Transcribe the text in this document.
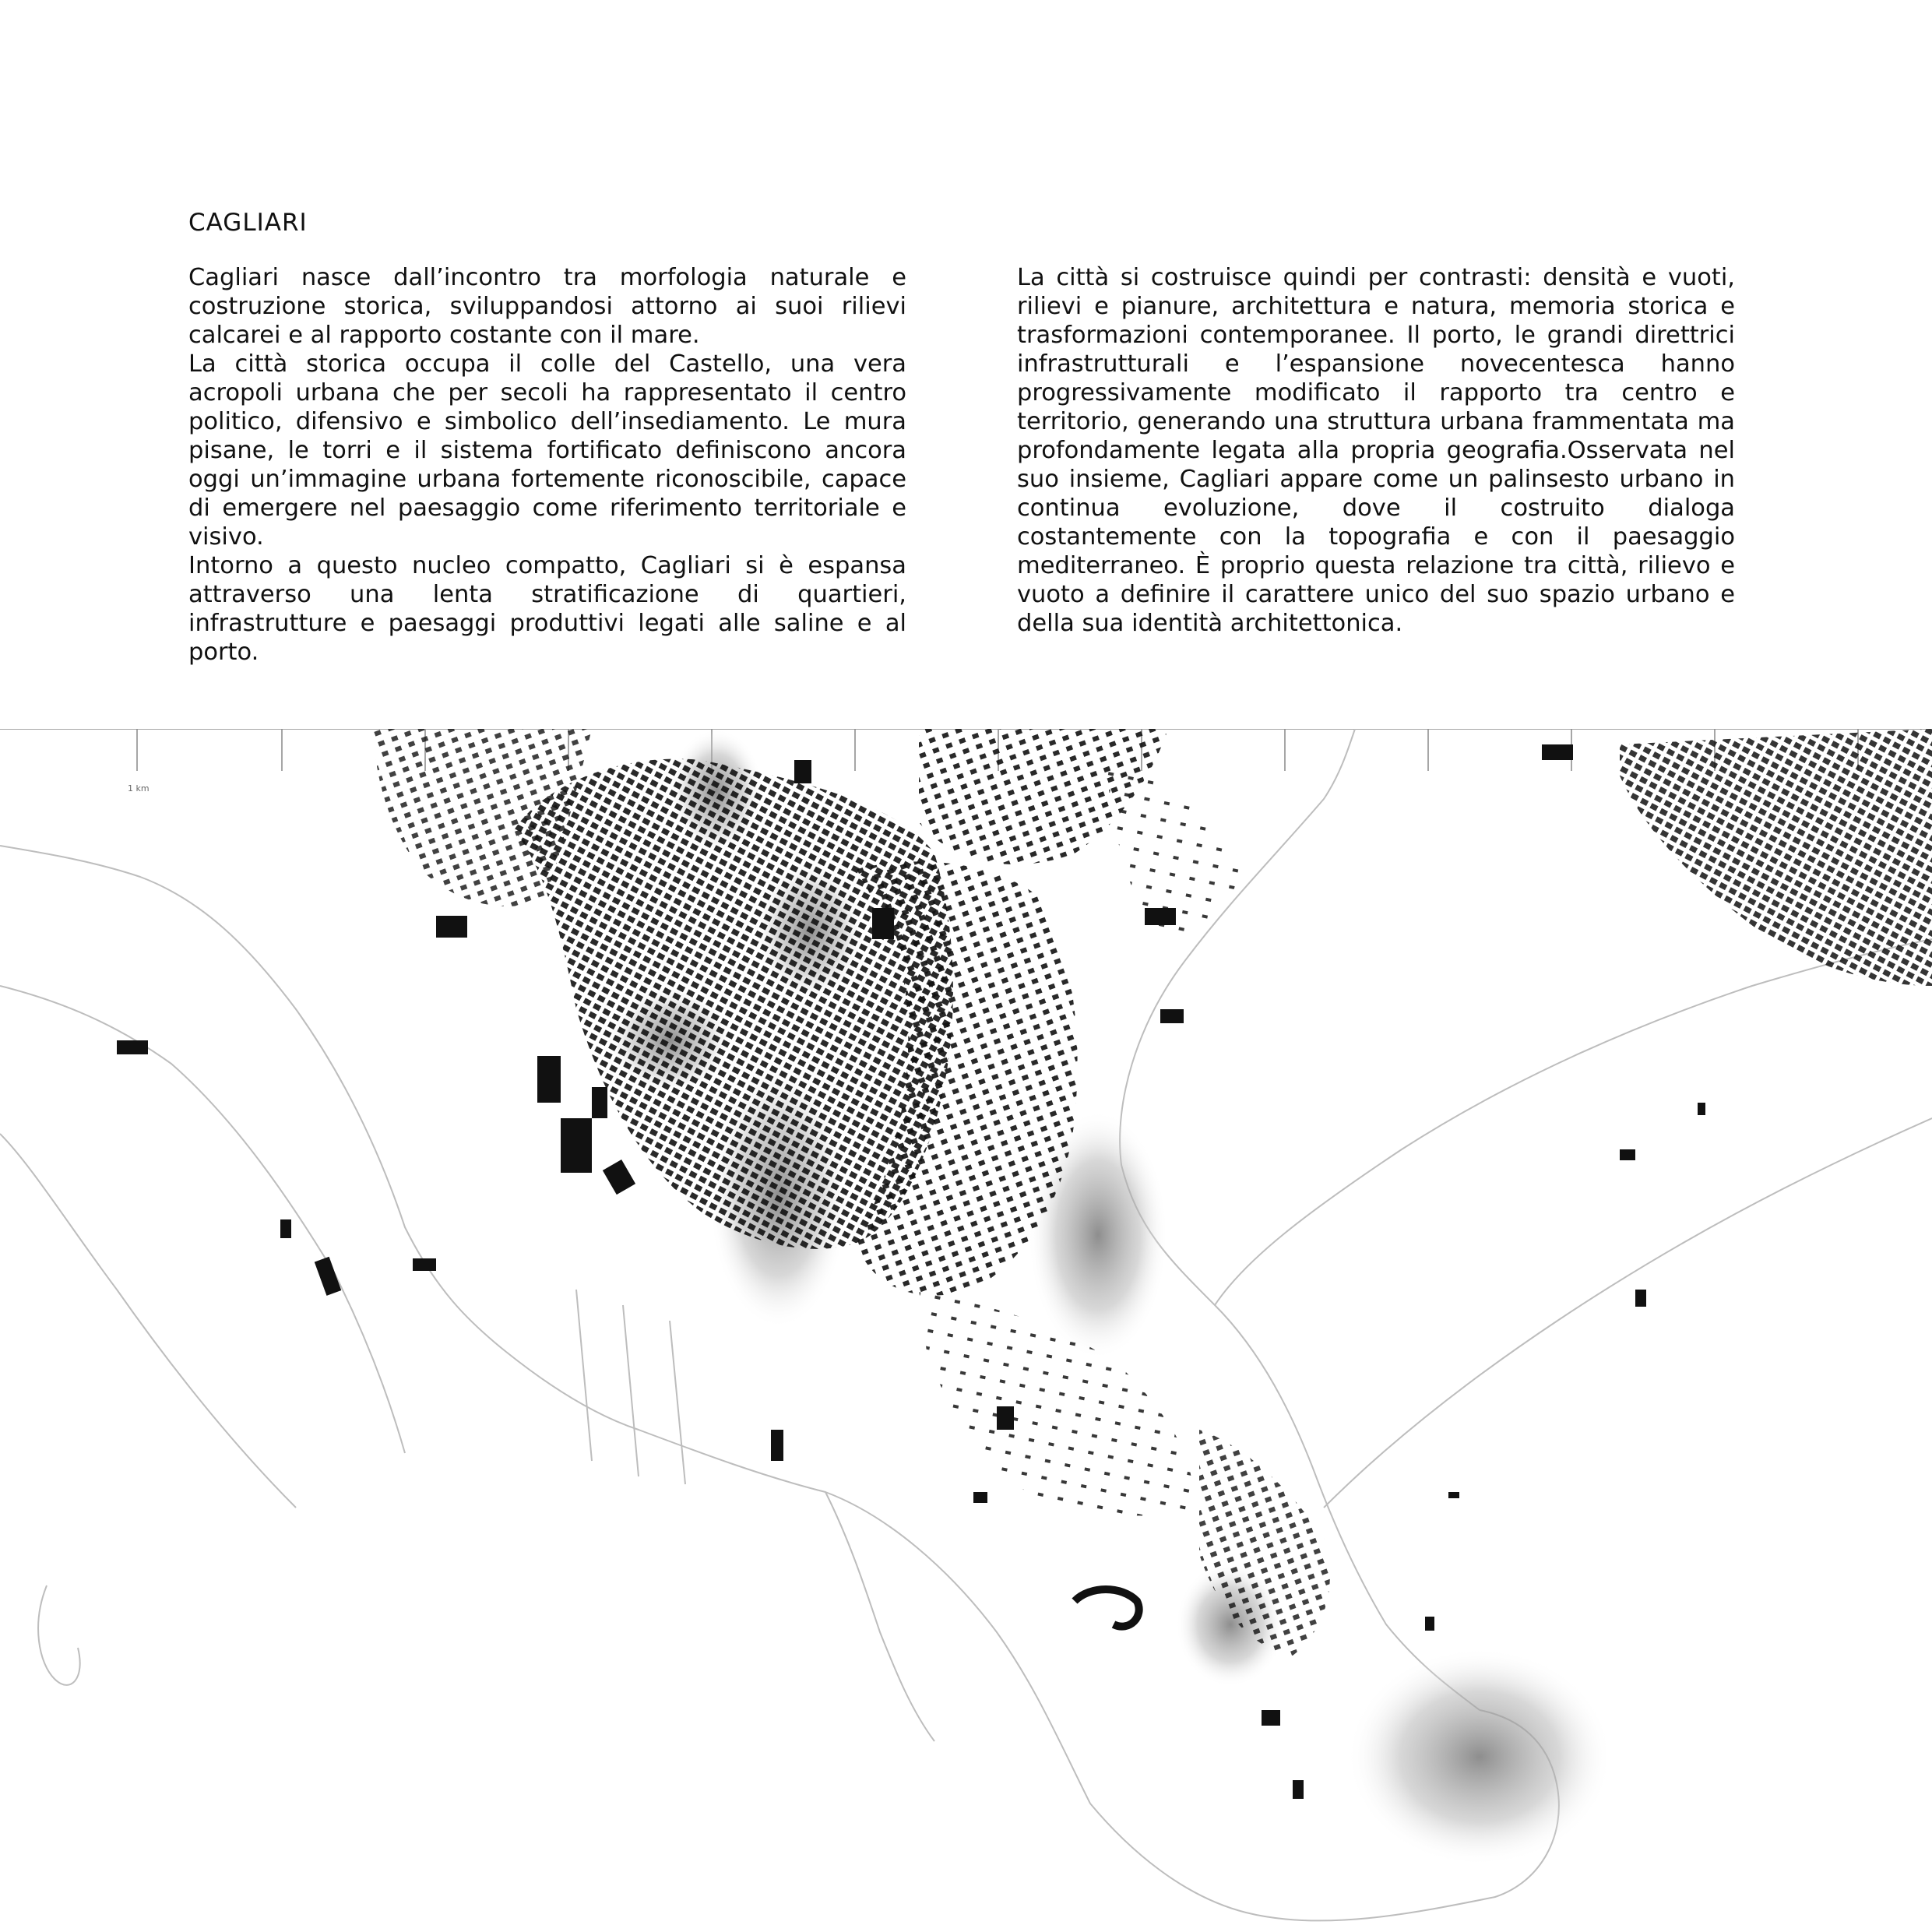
CAGLIARI

Cagliari nasce dall’incontro tra morfologia naturale e costruzione storica, sviluppandosi attorno ai suoi rilievi calcarei e al rapporto costante con il mare.

La città storica occupa il colle del Castello, una vera acropoli urbana che per secoli ha rappresentato il centro politico, difensivo e simbolico dell’insediamento. Le mura pisane, le torri e il sistema fortificato definiscono ancora oggi un’immagine urbana fortemente riconoscibile, capace di emergere nel paesaggio come riferimento territoriale e visivo.

Intorno a questo nucleo compatto, Cagliari si è espansa attraverso una lenta stratificazione di quartieri, infrastrutture e paesaggi produttivi legati alle saline e al porto.

La città si costruisce quindi per contrasti: densità e vuoti, rilievi e pianure, architettura e natura, memoria storica e trasformazioni contemporanee. Il porto, le grandi direttrici infrastrutturali e l’espansione novecentesca hanno progressivamente modificato il rapporto tra centro e territorio, generando una struttura urbana frammentata ma profondamente legata alla propria geografia.Osservata nel suo insieme, Cagliari appare come un palinsesto urbano in continua evoluzione, dove il costruito dialoga costantemente con la topografia e con il paesaggio mediterraneo. È proprio questa relazione tra città, rilievo e vuoto a definire il carattere unico del suo spazio urbano e della sua identità architettonica.

1 km
